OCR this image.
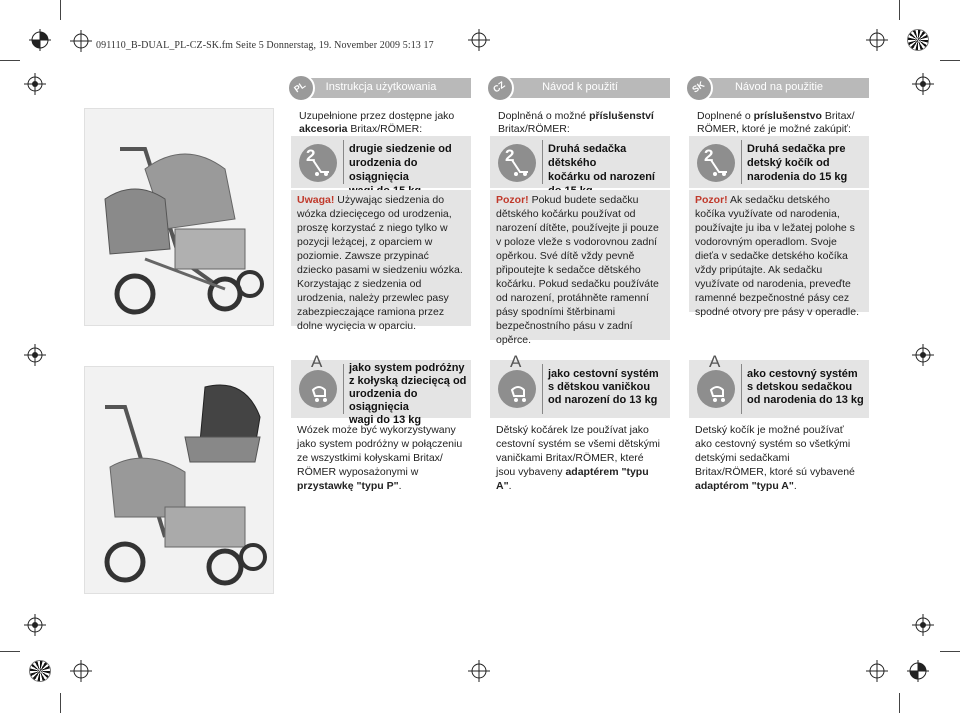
091110_B-DUAL_PL-CZ-SK.fm Seite 5 Donnerstag, 19. November 2009 5:13 17
PL	Instrukcja użytkowania
Uzupełnione przez dostępne jako akcesoria Britax/RÖMER:
2	drugie siedzenie od
urodzenia do osiągnięcia
Uwaga! Używając siedzenia do wózka dziecięcego od urodzenia, proszę korzystać z niego tylko w pozycji leżącej, z oparciem w poziomie. Zawsze przypinać dziecko pasami w siedzeniu wózka. Korzystając z siedzenia od urodzenia, należy przewlec pasy zabezpieczające ramiona przez dolne wycięcia w oparciu.
A jako system podróżny
z kołyską dziecięcą od
urodzenia do osiągnięcia
wagi do 13 kg
Wózek może być wykorzystywany jako system podróżny w połączeniu ze wszystkimi kołyskami Britax/ RÖMER wyposażonymi w przystawkę "typu P".
CZ	Návod k použití
Doplněná o možné příslušenství Britax/RÖMER:
2	Druhá sedačka dětského
kočárku od narození
Pozor! Pokud budete sedačku dětského kočárku používat od narození dítěte, používejte ji pouze v poloze vleže s vodorovnou zadní opěrkou. Své dítě vždy pevně připoutejte k sedačce dětského kočárku. Pokud sedačku používáte od narození, protáhněte ramenní pásy spodními štěrbinami bezpečnostního pásu v zadní opěrce.
A
jako cestovní systém
s dětskou vaničkou
od narození do 13 kg
Dětský kočárek lze používat jako cestovní systém se všemi dětskými vaničkami Britax/RÖMER, které jsou vybaveny adaptérem "typu A".
SK	Návod na použitie
Doplnené o príslušenstvo Britax/ RÖMER, ktoré je možné zakúpiť:
2	Druhá sedačka pre
detský kočík od
narodenia do 15 kg
Pozor! Ak sedačku detského kočíka využívate od narodenia, používajte ju iba v ležatej polohe s vodorovným operadlom. Svoje dieťa v sedačke detského kočíka vždy pripútajte. Ak sedačku využívate od narodenia, preveďte ramenné bezpečnostné pásy cez spodné otvory pre pásy v operadle.
A
ako cestovný systém
s detskou sedačkou
od narodenia do 13 kg
Detský kočík je možné používať ako cestovný systém so všetkými detskými sedačkami Britax/RÖMER, ktoré sú vybavené adaptérom "typu A".
